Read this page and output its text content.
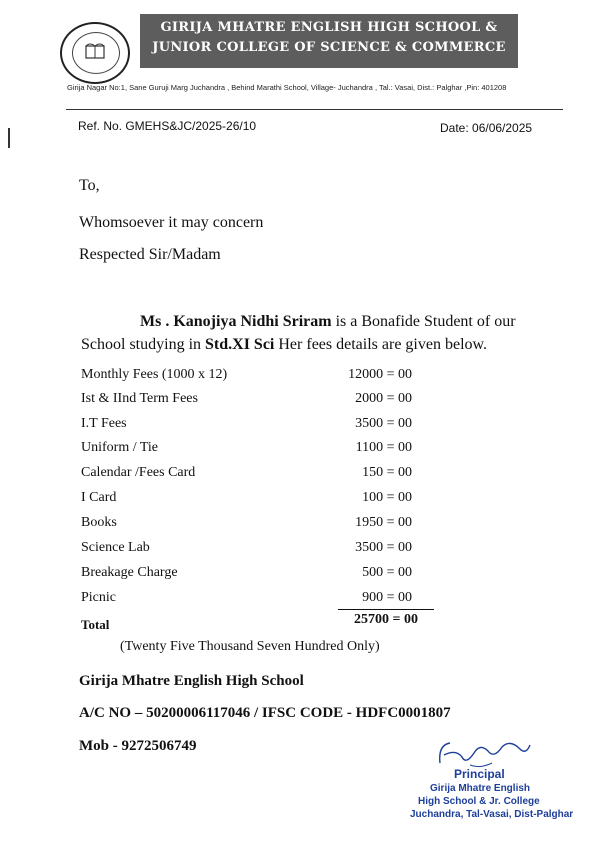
GIRIJA MHATRE ENGLISH HIGH SCHOOL &
JUNIOR COLLEGE OF SCIENCE & COMMERCE
Girija Nagar No:1, Sane Guruji Marg Juchandra , Behind Marathi School, Village- Juchandra , Tal.: Vasai, Dist.: Palghar ,Pin: 401208
Ref. No. GMEHS&JC/2025-26/10	Date: 06/06/2025
To,
Whomsoever it may concern
Respected Sir/Madam
Ms . Kanojiya Nidhi Sriram is a Bonafide Student of our
School studying in Std.XI Sci Her fees details are given below.
Monthly Fees (1000 x 12)	12000 = 00
Ist & IInd Term Fees	2000 = 00
I.T Fees	3500 = 00
Uniform / Tie	1100 = 00
Calendar /Fees Card	150 = 00
I Card	100 = 00
Books	1950 = 00
Science Lab	3500 = 00
Breakage Charge	500 = 00
Picnic	900 = 00
Total	25700 = 00
(Twenty Five Thousand Seven Hundred Only)
Girija Mhatre English High School
A/C NO – 50200006117046 / IFSC CODE - HDFC0001807
Mob - 9272506749
Principal
Girija Mhatre English
High School & Jr. College
Juchandra, Tal-Vasai, Dist-Palghar
